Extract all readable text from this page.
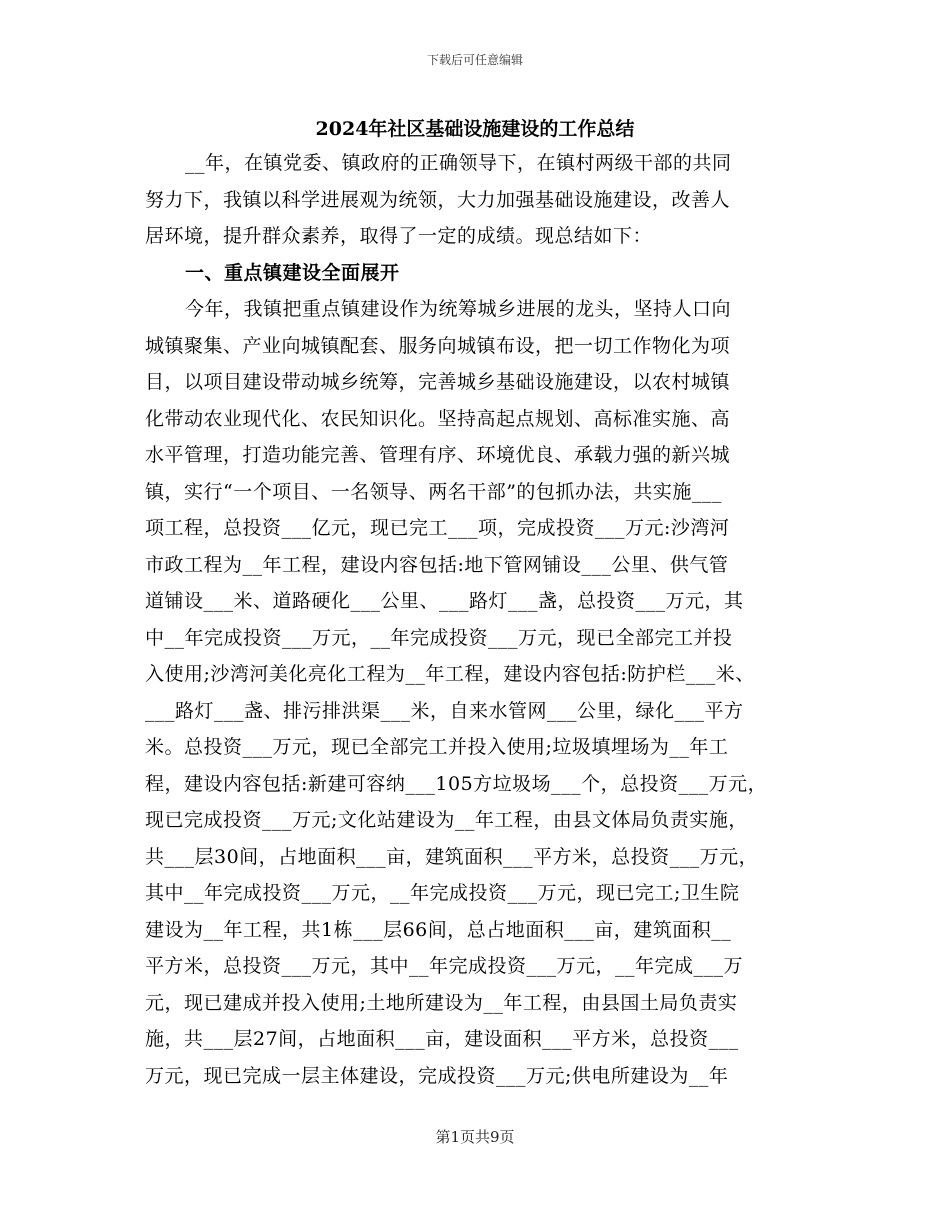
下载后可任意编辑
2024年社区基础设施建设的工作总结
__年，在镇党委、镇政府的正确领导下，在镇村两级干部的共同
努力下，我镇以科学进展观为统领，大力加强基础设施建设，改善人
居环境，提升群众素养，取得了一定的成绩。现总结如下：
一、重点镇建设全面展开
今年，我镇把重点镇建设作为统筹城乡进展的龙头，坚持人口向
城镇聚集、产业向城镇配套、服务向城镇布设，把一切工作物化为项
目，以项目建设带动城乡统筹，完善城乡基础设施建设，以农村城镇
化带动农业现代化、农民知识化。坚持高起点规划、高标准实施、高
水平管理，打造功能完善、管理有序、环境优良、承载力强的新兴城
镇，实行“一个项目、一名领导、两名干部”的包抓办法，共实施___
项工程，总投资___亿元，现已完工___项，完成投资___万元:沙湾河
市政工程为__年工程，建设内容包括:地下管网铺设___公里、供气管
道铺设___米、道路硬化___公里、___路灯___盏，总投资___万元，其
中__年完成投资___万元，__年完成投资___万元，现已全部完工并投
入使用;沙湾河美化亮化工程为__年工程，建设内容包括:防护栏___米、
___路灯___盏、排污排洪渠___米，自来水管网___公里，绿化___平方
米。总投资___万元，现已全部完工并投入使用;垃圾填埋场为__年工
程，建设内容包括:新建可容纳___105方垃圾场___个，总投资___万元，
现已完成投资___万元;文化站建设为__年工程，由县文体局负责实施，
共___层30间，占地面积___亩，建筑面积___平方米，总投资___万元，
其中__年完成投资___万元，__年完成投资___万元，现已完工;卫生院
建设为__年工程，共1栋___层66间，总占地面积___亩，建筑面积__
平方米，总投资___万元，其中__年完成投资___万元，__年完成___万
元，现已建成并投入使用;土地所建设为__年工程，由县国土局负责实
施，共___层27间，占地面积___亩，建设面积___平方米，总投资___
万元，现已完成一层主体建设，完成投资___万元;供电所建设为__年
第1页共9页
